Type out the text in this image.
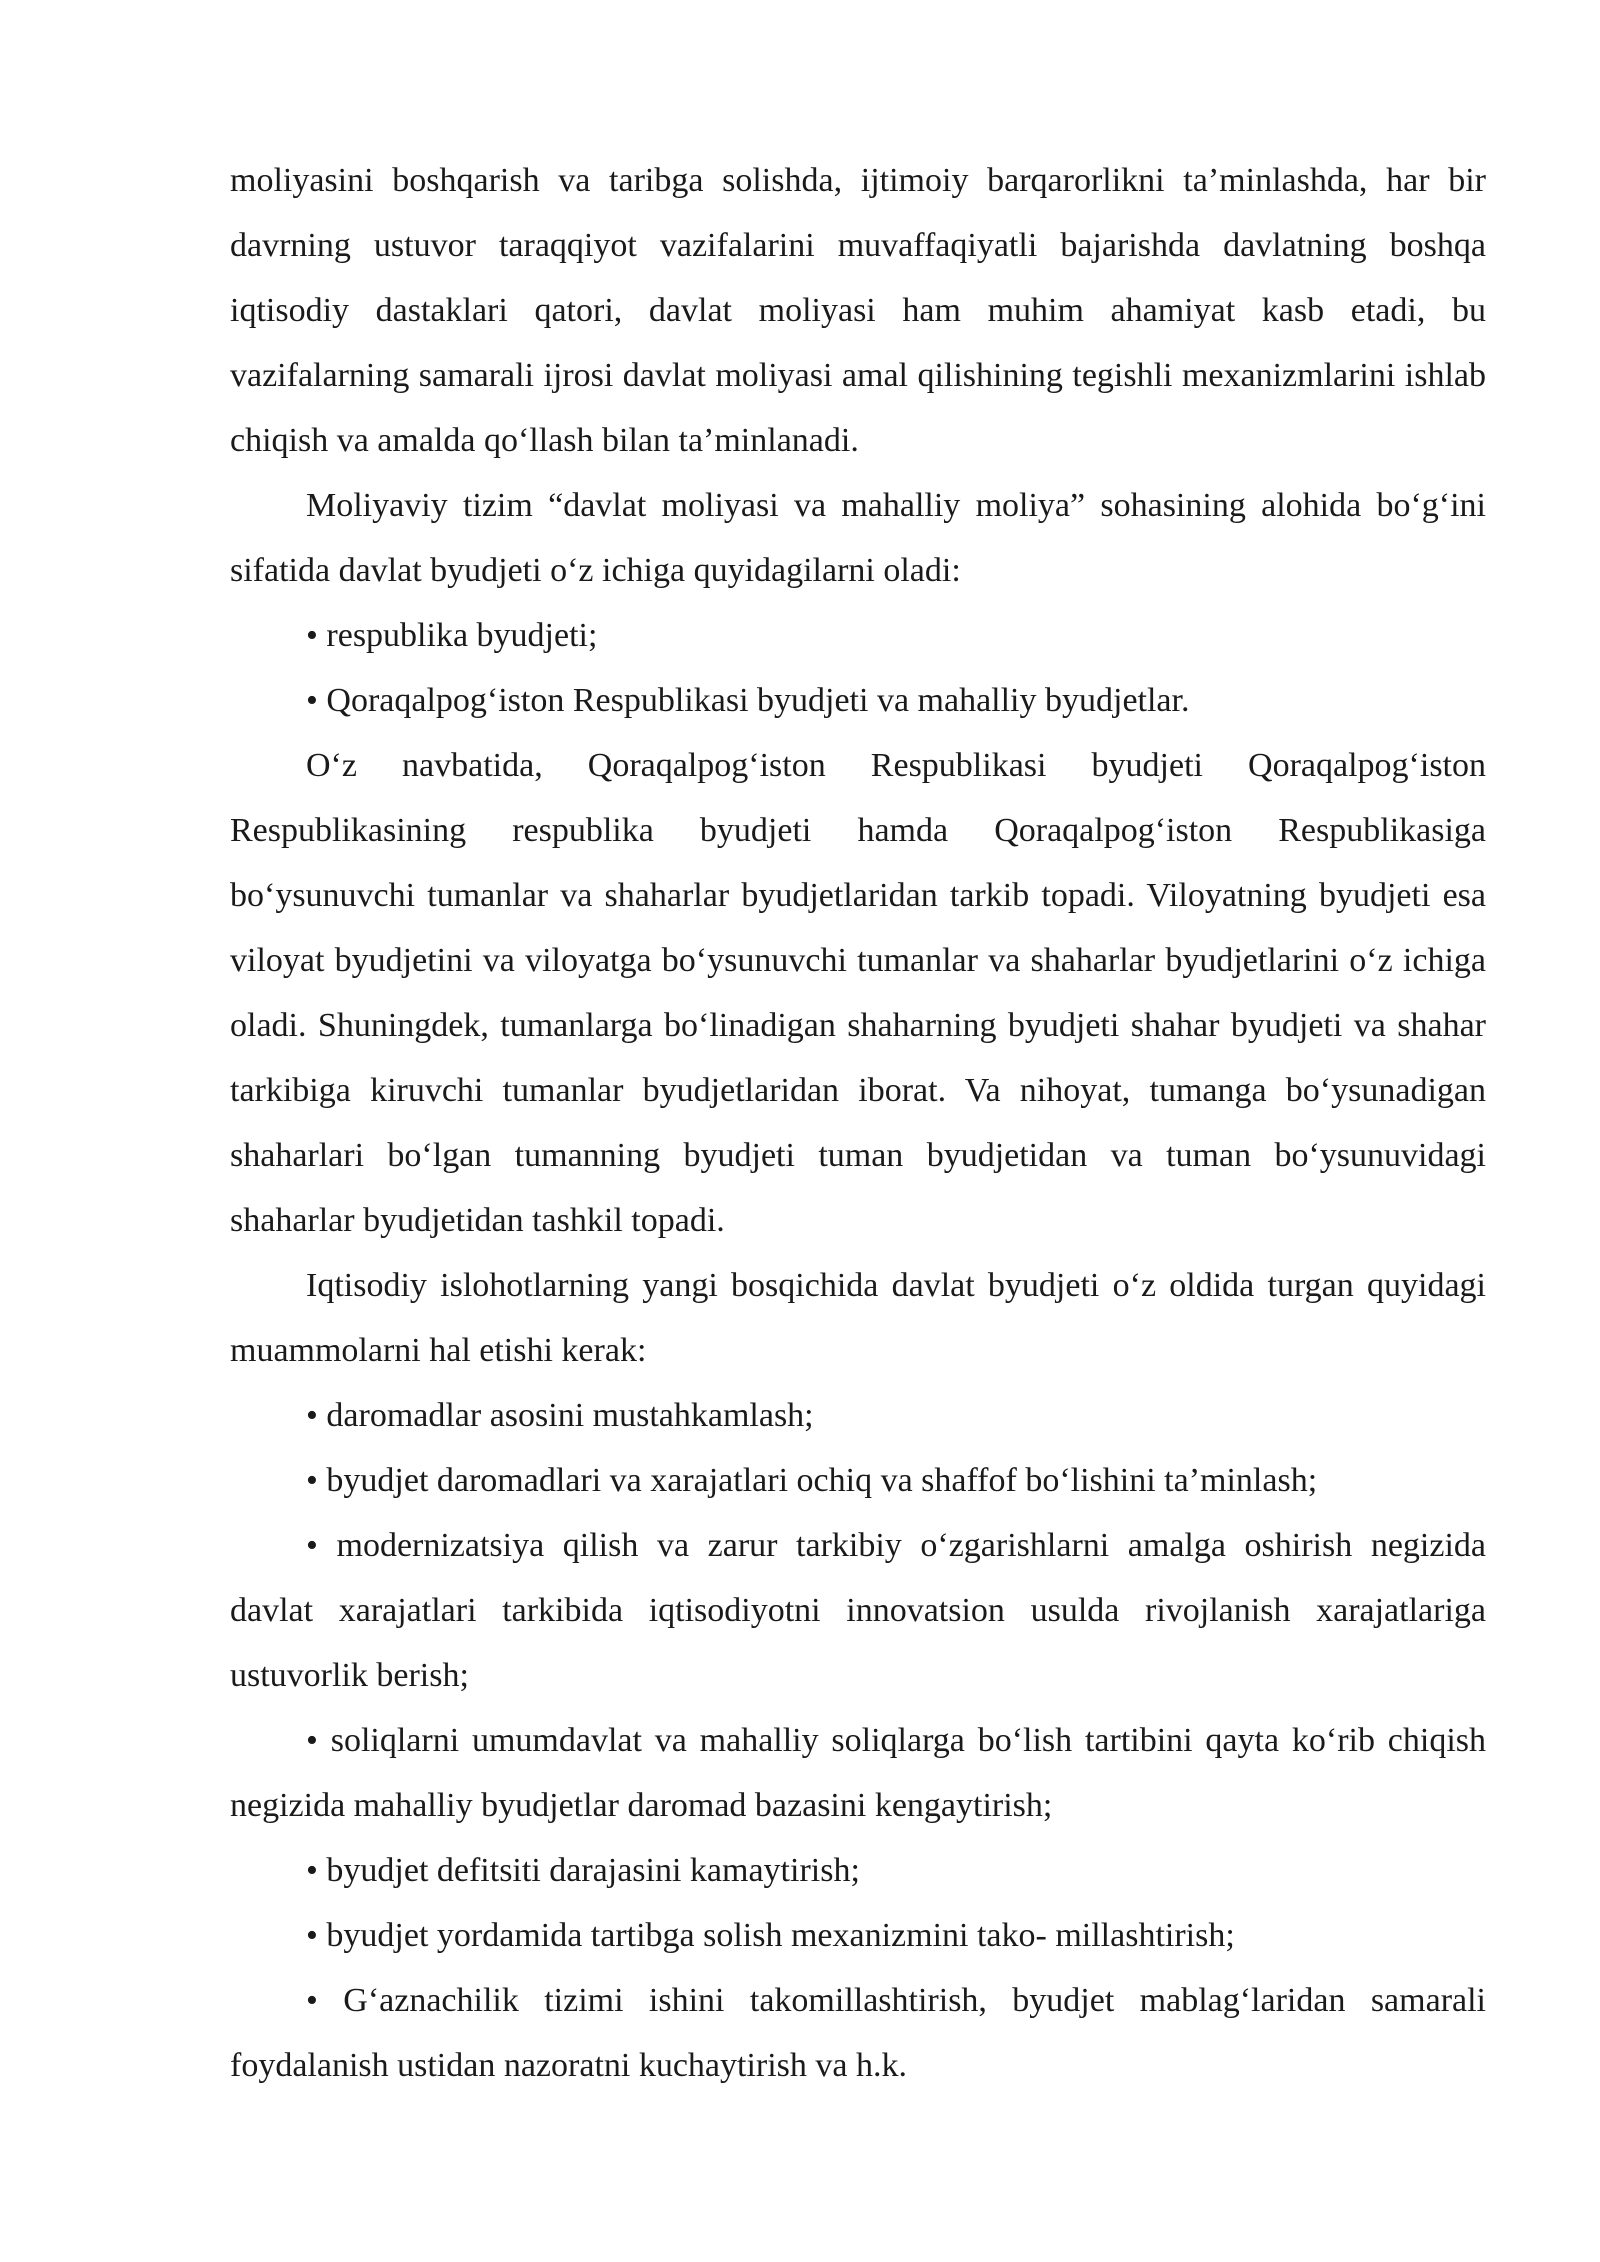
moliyasini boshqarish va taribga solishda, ijtimoiy barqarorlikni ta’minlashda, har bir davrning ustuvor taraqqiyot vazifalarini muvaffaqiyatli bajarishda davlatning boshqa iqtisodiy dastaklari qatori, davlat moliyasi ham muhim ahamiyat kasb etadi, bu vazifalarning samarali ijrosi davlat moliyasi amal qilishining tegishli mexanizmlarini ishlab chiqish va amalda qo‘llash bilan ta’minlanadi.

Moliyaviy tizim “davlat moliyasi va mahalliy moliya” sohasining alohida bo‘g‘ini sifatida davlat byudjeti o‘z ichiga quyidagilarni oladi:

• respublika byudjeti;

• Qoraqalpog‘iston Respublikasi byudjeti va mahalliy byudjetlar.

O‘z navbatida, Qoraqalpog‘iston Respublikasi byudjeti Qoraqalpog‘iston Respublikasining respublika byudjeti hamda Qoraqalpog‘iston Respublikasiga bo‘ysunuvchi tumanlar va shaharlar byudjetlaridan tarkib topadi. Viloyatning byudjeti esa viloyat byudjetini va viloyatga bo‘ysunuvchi tumanlar va shaharlar byudjetlarini o‘z ichiga oladi. Shuningdek, tumanlarga bo‘linadigan shaharning byudjeti shahar byudjeti va shahar tarkibiga kiruvchi tumanlar byudjetlaridan iborat. Va nihoyat, tumanga bo‘ysunadigan shaharlari bo‘lgan tumanning byudjeti tuman byudjetidan va tuman bo‘ysunuvidagi shaharlar byudjetidan tashkil topadi.

Iqtisodiy islohotlarning yangi bosqichida davlat byudjeti o‘z oldida turgan quyidagi muammolarni hal etishi kerak:

• daromadlar asosini mustahkamlash;

• byudjet daromadlari va xarajatlari ochiq va shaffof bo‘lishini ta’minlash;

• modernizatsiya qilish va zarur tarkibiy o‘zgarishlarni amalga oshirish negizida davlat xarajatlari tarkibida iqtisodiyotni innovatsion usulda rivojlanish xarajatlariga ustuvorlik berish;

• soliqlarni umumdavlat va mahalliy soliqlarga bo‘lish tartibini qayta ko‘rib chiqish negizida mahalliy byudjetlar daromad bazasini kengaytirish;

• byudjet defitsiti darajasini kamaytirish;

• byudjet yordamida tartibga solish mexanizmini tako- millashtirish;

• G‘aznachilik tizimi ishini takomillashtirish, byudjet mablag‘laridan samarali foydalanish ustidan nazoratni kuchaytirish va h.k.
